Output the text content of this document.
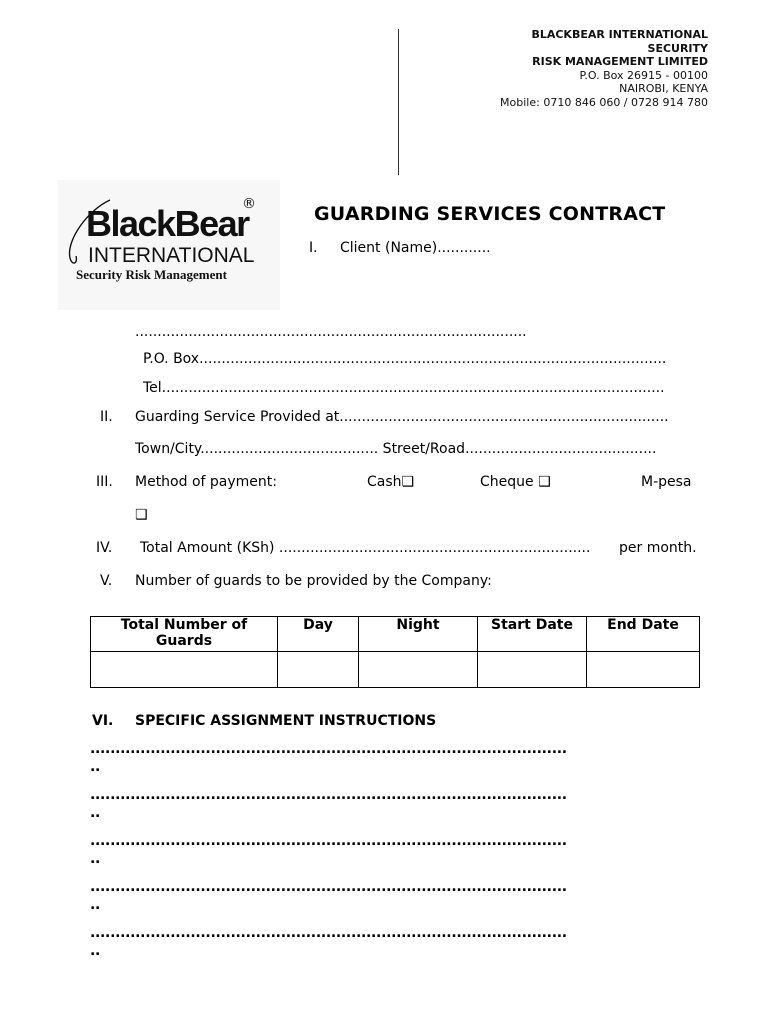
BLACKBEAR INTERNATIONAL
SECURITY
RISK MANAGEMENT LIMITED
P.O. Box 26915 - 00100
NAIROBI, KENYA
Mobile: 0710 846 060 / 0728 914 780
BlackBear
®
INTERNATIONAL
Security Risk Management
GUARDING SERVICES CONTRACT
I. Client (Name)............
........................................................................................
P.O. Box.........................................................................................................
Tel.................................................................................................................
II. Guarding Service Provided at..........................................................................
Town/City........................................ Street/Road...........................................
III. Method of payment:	Cash❑	Cheque ❑	M-pesa
❑
IV. Total Amount (KSh) ...................................................................... per month.
V. Number of guards to be provided by the Company:
Total Number of Guards	Day	Night	Start Date	End Date

VI. SPECIFIC ASSIGNMENT INSTRUCTIONS
...............................................................................................
..
...............................................................................................
..
...............................................................................................
..
...............................................................................................
..
...............................................................................................
..
